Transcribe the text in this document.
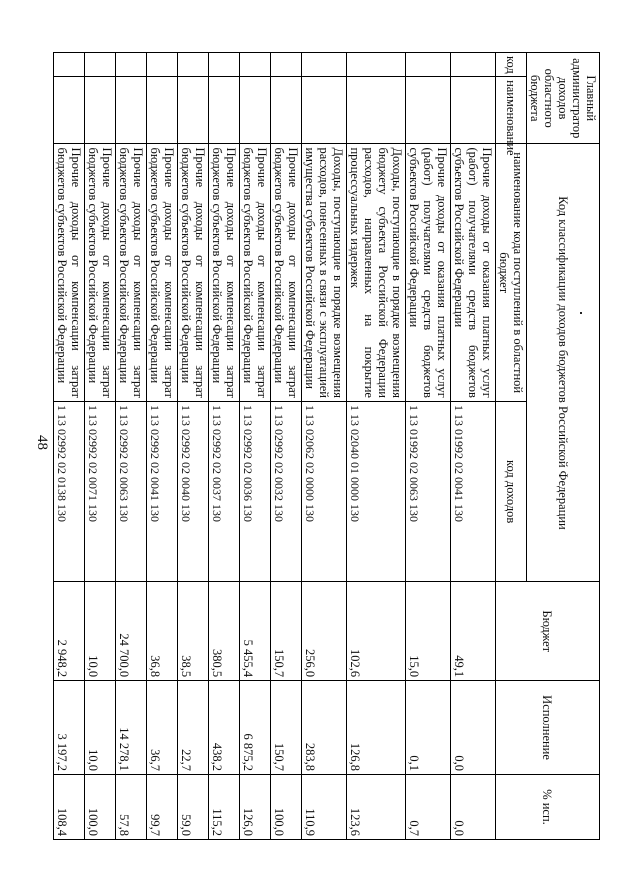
48
Главный администратор доходов областного бюджета		Код классификации доходов бюджетов Российской Федерации		Бюджет	Исполнение	% исп.
код	наименование	наименование кода поступлений в областной бюджет	код доходов			
		Прочие доходы от оказания платных услуг (работ) получателями средств бюджетов субъектов Российской Федерации	1 13 01992 02 0041 130	49,1	0,0	0,0
		Прочие доходы от оказания платных услуг (работ) получателями средств бюджетов субъектов Российской Федерации	1 13 01992 02 0063 130	15,0	0,1	0,7
		Доходы, поступающие в порядке возмещения бюджету субъекта Российской Федерации расходов, направленных на покрытие процессуальных издержек	1 13 02040 01 0000 130	102,6	126,8	123,6
		Доходы, поступающие в порядке возмещения расходов, понесенных в связи с эксплуатацией имущества субъектов Российской Федерации	1 13 02062 02 0000 130	256,0	283,8	110,9
		Прочие доходы от компенсации затрат бюджетов субъектов Российской Федерации	1 13 02992 02 0032 130	150,7	150,7	100,0
		Прочие доходы от компенсации затрат бюджетов субъектов Российской Федерации	1 13 02992 02 0036 130	5 455,4	6 875,2	126,0
		Прочие доходы от компенсации затрат бюджетов субъектов Российской Федерации	1 13 02992 02 0037 130	380,5	438,2	115,2
		Прочие доходы от компенсации затрат бюджетов субъектов Российской Федерации	1 13 02992 02 0040 130	38,5	22,7	59,0
		Прочие доходы от компенсации затрат бюджетов субъектов Российской Федерации	1 13 02992 02 0041 130	36,8	36,7	99,7
		Прочие доходы от компенсации затрат бюджетов субъектов Российской Федерации	1 13 02992 02 0063 130	24 700,0	14 278,1	57,8
		Прочие доходы от компенсации затрат бюджетов субъектов Российской Федерации	1 13 02992 02 0071 130	10,0	10,0	100,0
		Прочие доходы от компенсации затрат бюджетов субъектов Российской Федерации	1 13 02992 02 0138 130	2 948,2	3 197,2	108,4
